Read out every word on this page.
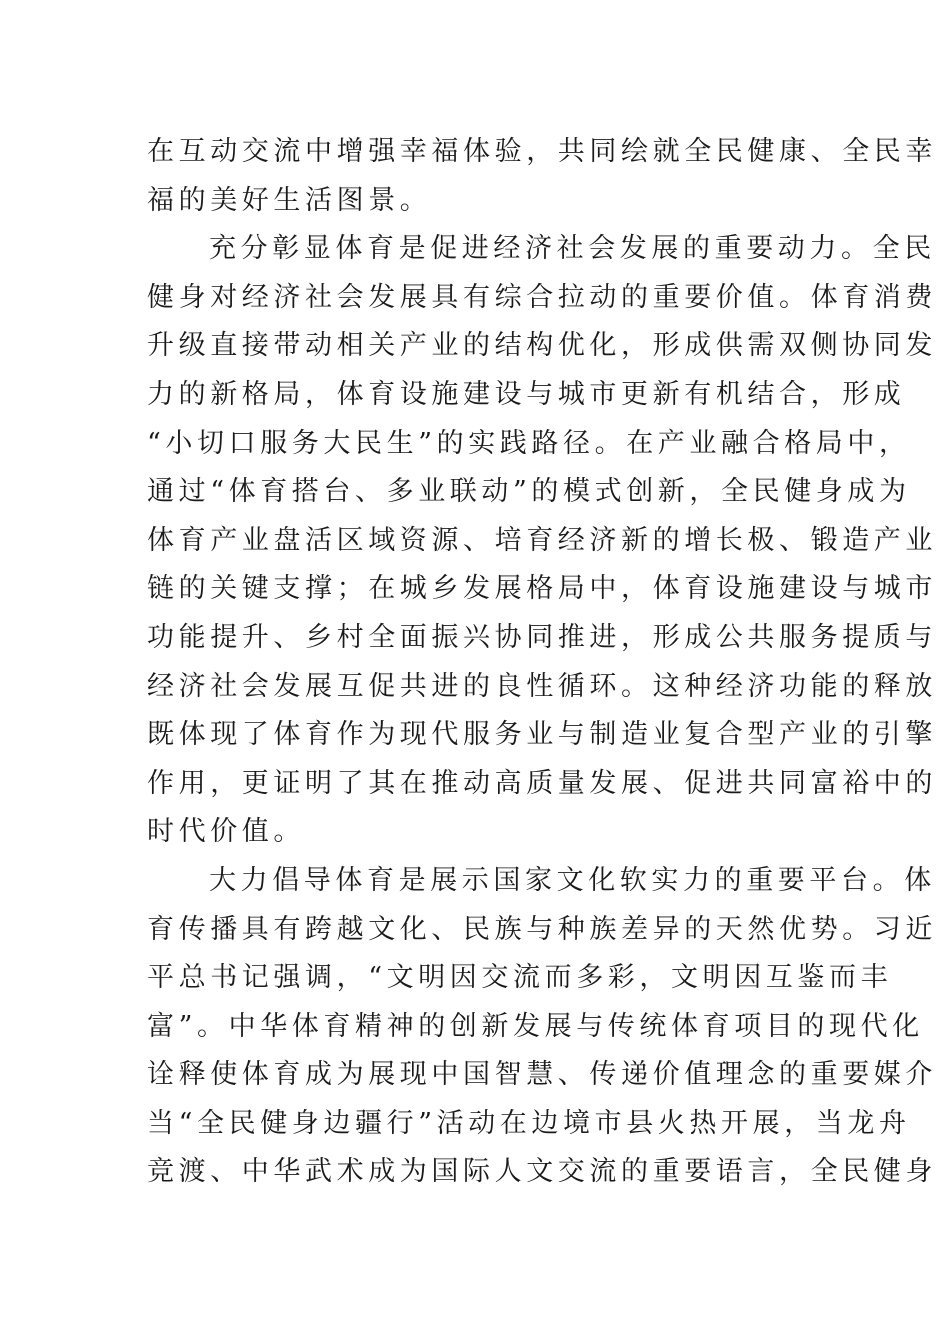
在互动交流中增强幸福体验，共同绘就全民健康、全民幸
福的美好生活图景。
充分彰显体育是促进经济社会发展的重要动力。全民
健身对经济社会发展具有综合拉动的重要价值。体育消费
升级直接带动相关产业的结构优化，形成供需双侧协同发
力的新格局，体育设施建设与城市更新有机结合，形成
“小切口服务大民生”的实践路径。在产业融合格局中，
通过“体育搭台、多业联动”的模式创新，全民健身成为
体育产业盘活区域资源、培育经济新的增长极、锻造产业
链的关键支撑；在城乡发展格局中，体育设施建设与城市
功能提升、乡村全面振兴协同推进，形成公共服务提质与
经济社会发展互促共进的良性循环。这种经济功能的释放
既体现了体育作为现代服务业与制造业复合型产业的引擎
作用，更证明了其在推动高质量发展、促进共同富裕中的
时代价值。
大力倡导体育是展示国家文化软实力的重要平台。体
育传播具有跨越文化、民族与种族差异的天然优势。习近
平总书记强调，“文明因交流而多彩，文明因互鉴而丰
富”。中华体育精神的创新发展与传统体育项目的现代化
诠释使体育成为展现中国智慧、传递价值理念的重要媒介
当“全民健身边疆行”活动在边境市县火热开展，当龙舟
竞渡、中华武术成为国际人文交流的重要语言，全民健身
